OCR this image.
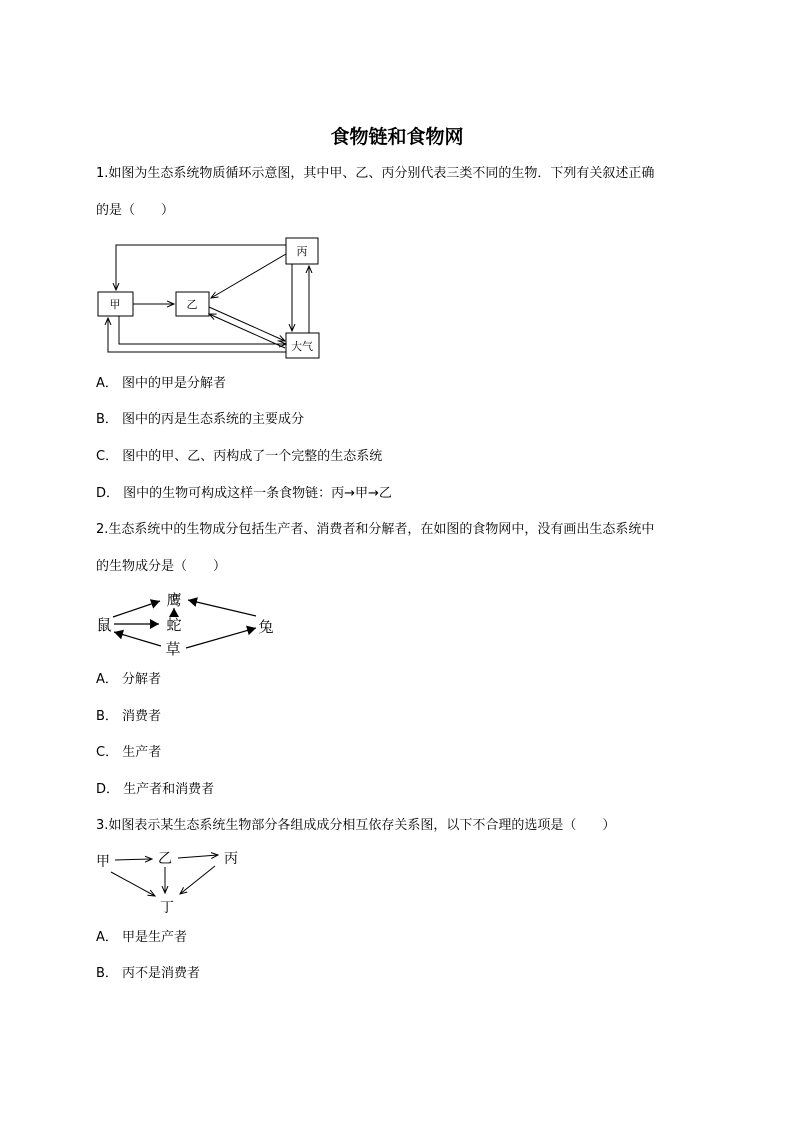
食物链和食物网
1.如图为生态系统物质循环示意图，其中甲、乙、丙分别代表三类不同的生物．下列有关叙述正确
的是（　　）
甲	乙
丙
大气
鹰
蛇
鼠	兔
草
甲	乙	丙
丁
A． 图中的甲是分解者
B． 图中的丙是生态系统的主要成分
C． 图中的甲、乙、丙构成了一个完整的生态系统
D． 图中的生物可构成这样一条食物链：丙→甲→乙
2.生态系统中的生物成分包括生产者、消费者和分解者，在如图的食物网中，没有画出生态系统中
的生物成分是（　　）
A． 分解者
B． 消费者
C． 生产者
D． 生产者和消费者
3.如图表示某生态系统生物部分各组成成分相互依存关系图，以下不合理的选项是（　　）
A． 甲是生产者
B． 丙不是消费者
